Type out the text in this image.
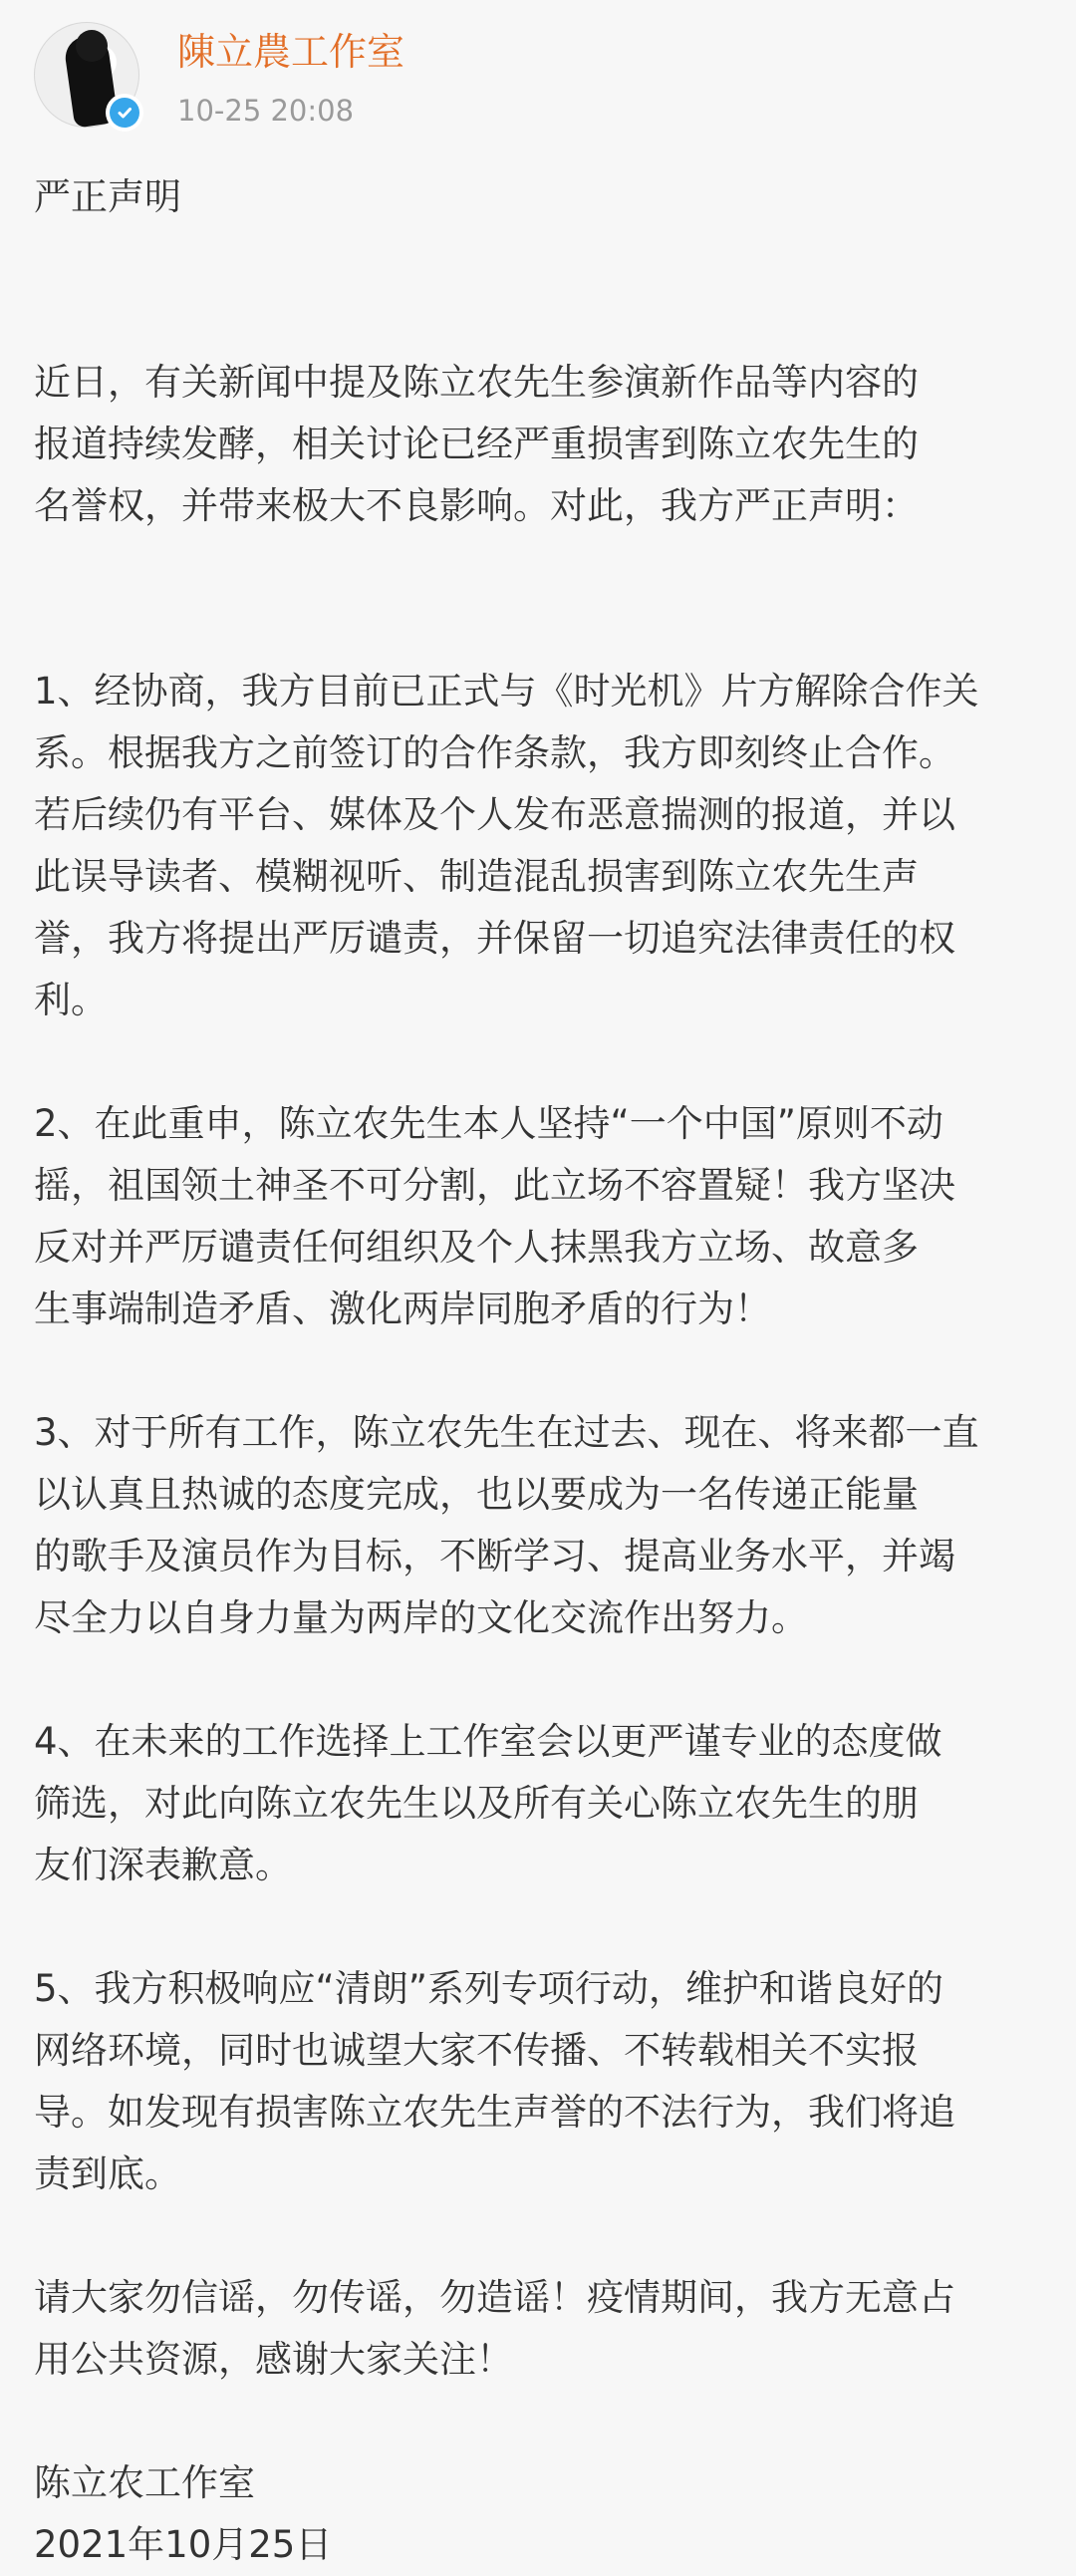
陳立農工作室
10-25 20:08
严正声明
近日，有关新闻中提及陈立农先生参演新作品等内容的
报道持续发酵，相关讨论已经严重损害到陈立农先生的
名誉权，并带来极大不良影响。对此，我方严正声明：
1、经协商，我方目前已正式与《时光机》片方解除合作关
系。根据我方之前签订的合作条款，我方即刻终止合作。
若后续仍有平台、媒体及个人发布恶意揣测的报道，并以
此误导读者、模糊视听、制造混乱损害到陈立农先生声
誉，我方将提出严厉谴责，并保留一切追究法律责任的权
利。
2、在此重申，陈立农先生本人坚持“一个中国”原则不动
摇，祖国领土神圣不可分割，此立场不容置疑！我方坚决
反对并严厉谴责任何组织及个人抹黑我方立场、故意多
生事端制造矛盾、激化两岸同胞矛盾的行为！
3、对于所有工作，陈立农先生在过去、现在、将来都一直
以认真且热诚的态度完成，也以要成为一名传递正能量
的歌手及演员作为目标，不断学习、提高业务水平，并竭
尽全力以自身力量为两岸的文化交流作出努力。
4、在未来的工作选择上工作室会以更严谨专业的态度做
筛选，对此向陈立农先生以及所有关心陈立农先生的朋
友们深表歉意。
5、我方积极响应“清朗”系列专项行动，维护和谐良好的
网络环境，同时也诚望大家不传播、不转载相关不实报
导。如发现有损害陈立农先生声誉的不法行为，我们将追
责到底。
请大家勿信谣，勿传谣，勿造谣！疫情期间，我方无意占
用公共资源，感谢大家关注！
陈立农工作室
2021年10月25日
